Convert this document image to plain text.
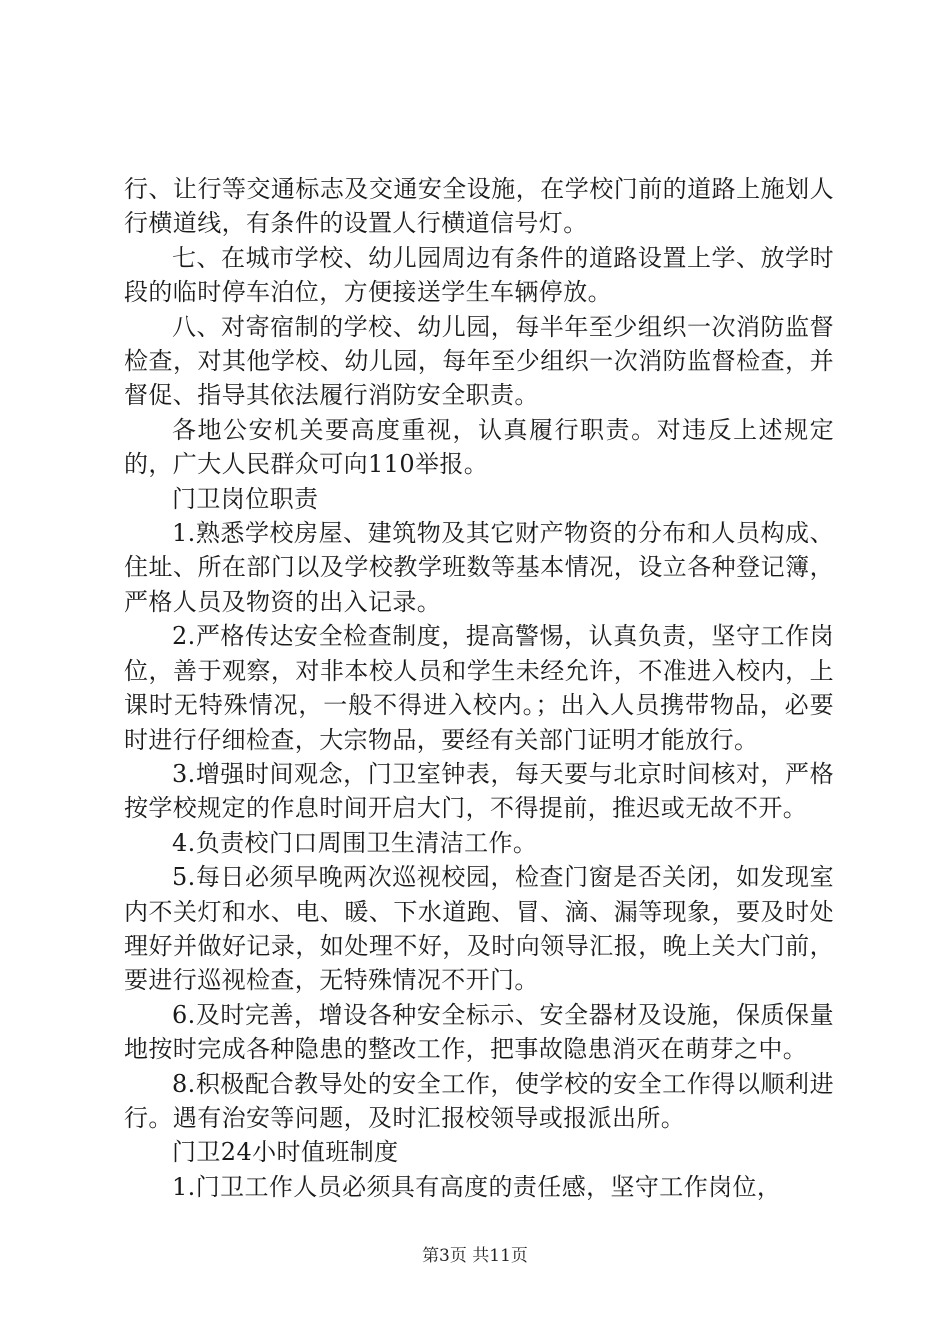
行、让行等交通标志及交通安全设施，在学校门前的道路上施划人行横道线，有条件的设置人行横道信号灯。

七、在城市学校、幼儿园周边有条件的道路设置上学、放学时段的临时停车泊位，方便接送学生车辆停放。

八、对寄宿制的学校、幼儿园，每半年至少组织一次消防监督检查，对其他学校、幼儿园，每年至少组织一次消防监督检查，并督促、指导其依法履行消防安全职责。

各地公安机关要高度重视，认真履行职责。对违反上述规定的，广大人民群众可向110举报。

门卫岗位职责

1.熟悉学校房屋、建筑物及其它财产物资的分布和人员构成、住址、所在部门以及学校教学班数等基本情况，设立各种登记簿，严格人员及物资的出入记录。

2.严格传达安全检查制度，提高警惕，认真负责，坚守工作岗位，善于观察，对非本校人员和学生未经允许，不准进入校内，上课时无特殊情况，一般不得进入校内。；出入人员携带物品，必要时进行仔细检查，大宗物品，要经有关部门证明才能放行。

3.增强时间观念，门卫室钟表，每天要与北京时间核对，严格按学校规定的作息时间开启大门，不得提前，推迟或无故不开。

4.负责校门口周围卫生清洁工作。

5.每日必须早晚两次巡视校园，检查门窗是否关闭，如发现室内不关灯和水、电、暖、下水道跑、冒、滴、漏等现象，要及时处理好并做好记录，如处理不好，及时向领导汇报，晚上关大门前，要进行巡视检查，无特殊情况不开门。

6.及时完善，增设各种安全标示、安全器材及设施，保质保量地按时完成各种隐患的整改工作，把事故隐患消灭在萌芽之中。

8.积极配合教导处的安全工作，使学校的安全工作得以顺利进行。遇有治安等问题，及时汇报校领导或报派出所。

门卫24小时值班制度

1.门卫工作人员必须具有高度的责任感，坚守工作岗位，

第3页 共11页
